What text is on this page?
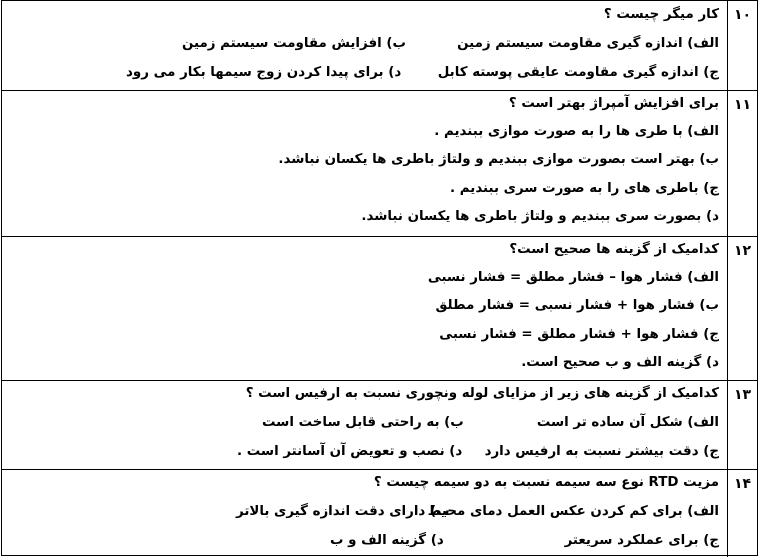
۱۰
کار میگر چیست ؟
الف) اندازه گیری مقاومت سیستم زمین
ب) افزایش مقاومت سیستم زمین
ج) اندازه گیری مقاومت عایقی پوسته کابل
د) برای پیدا کردن زوج سیمها بکار می رود
۱۱
برای افزایش آمپراژ بهتر است ؟
الف) با طری ها را به صورت موازی ببندیم .
ب) بهتر است بصورت موازی ببندیم و ولتاژ باطری ها یکسان نباشد.
ج) باطری های را به صورت سری ببندیم .
د) بصورت سری ببندیم و ولتاژ باطری ها یکسان نباشد.
۱۲
کدامیک از گزینه ها صحیح است؟
الف) فشار هوا – فشار مطلق = فشار نسبی
ب) فشار هوا + فشار نسبی = فشار مطلق
ج) فشار هوا + فشار مطلق = فشار نسبی
د) گزینه الف و ب صحیح است.
۱۳
کدامیک از گزینه های زیر از مزایای لوله ونچوری نسبت به ارفیس است ؟
الف) شکل آن ساده تر است
ب) به راحتی قابل ساخت است
ج) دقت بیشتر نسبت به ارفیس دارد
د) نصب و تعویض آن آسانتر است .
۱۴
مزیت RTD نوع سه سیمه نسبت به دو سیمه چیست ؟
الف) برای کم کردن عکس العمل دمای محیط
ب) دارای دقت اندازه گیری بالاتر
ج) برای عملکرد سریعتر
د) گزینه الف و ب
